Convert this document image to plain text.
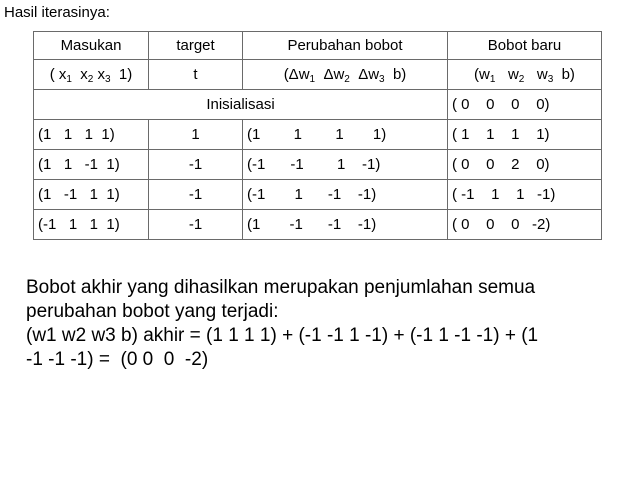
Hasil iterasinya:
Masukan	target	Perubahan bobot	Bobot baru
( $x_1$  $x_2$ $x_3$  1)	t	($\Delta w_1$  $\Delta w_2$  $\Delta w_3$  b)	($w_1$   $w_2$   $w_3$  b)
Inisialisasi			( 0    0    0    0)
(1   1   1  1)	1	(1        1        1       1)	( 1    1    1    1)
(1   1   -1  1)	-1	(-1      -1        1    -1)	( 0    0    2    0)
(1   -1   1  1)	-1	(-1       1      -1    -1)	( -1    1    1   -1)
(-1   1   1  1)	-1	(1       -1      -1    -1)	( 0    0    0   -2)
Bobot akhir yang dihasilkan merupakan penjumlahan semua
perubahan bobot yang terjadi:
(w1 w2 w3 b) akhir = (1 1 1 1) + (-1 -1 1 -1) + (-1 1 -1 -1) + (1
-1 -1 -1) =  (0 0  0  -2)
